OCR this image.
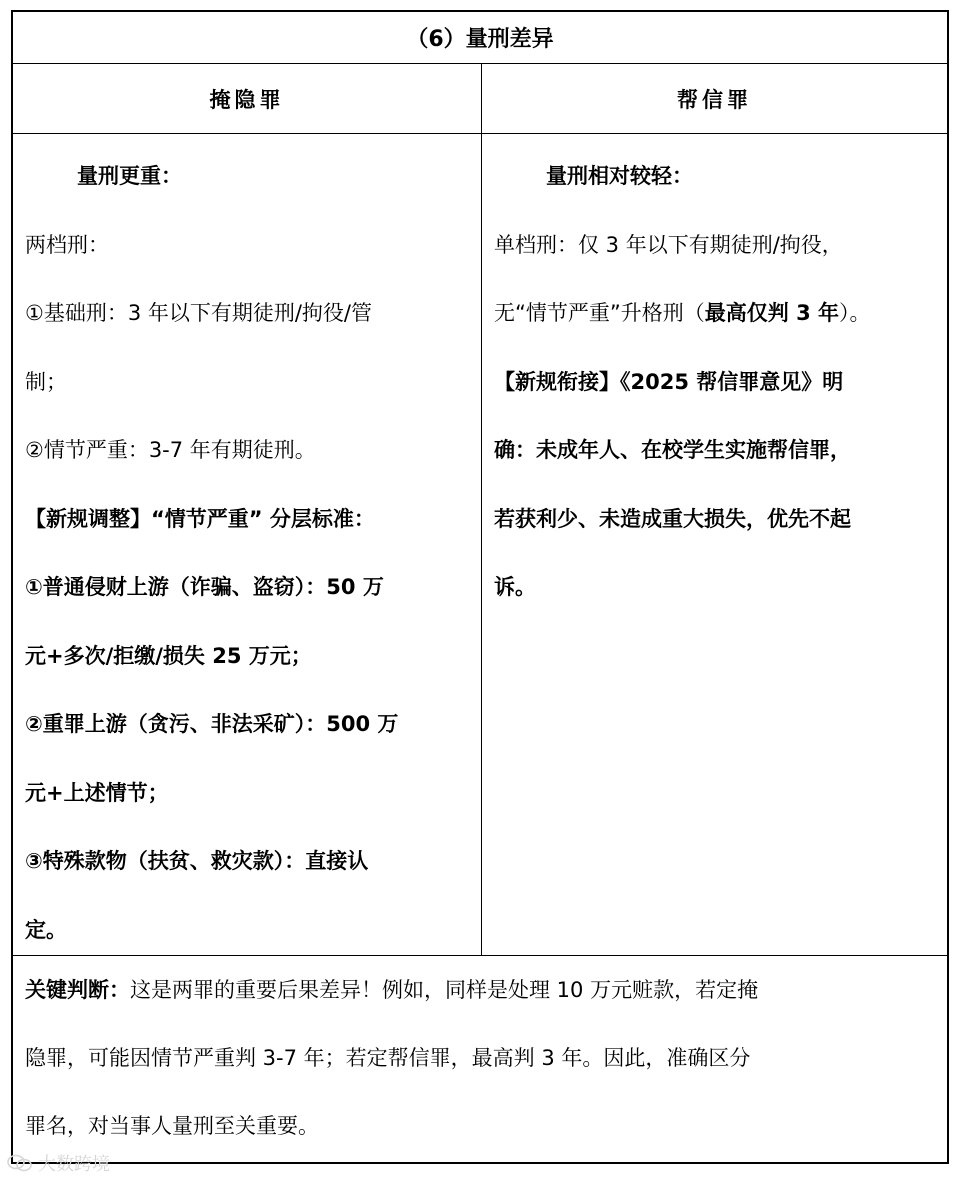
（6）量刑差异
掩隐罪	帮信罪
量刑更重：
两档刑：
①基础刑：3 年以下有期徒刑/拘役/管
制；
②情节严重：3-7 年有期徒刑。
【新规调整】“情节严重” 分层标准：
①普通侵财上游（诈骗、盗窃）：50 万
元+多次/拒缴/损失 25 万元；
②重罪上游（贪污、非法采矿）：500 万
元+上述情节；
③特殊款物（扶贫、救灾款）：直接认
定。
量刑相对较轻：
单档刑：仅 3 年以下有期徒刑/拘役，
无“情节严重”升格刑（最高仅判 3 年）。
【新规衔接】《2025 帮信罪意见》明
确：未成年人、在校学生实施帮信罪，
若获利少、未造成重大损失，优先不起
诉。
关键判断：这是两罪的重要后果差异！例如，同样是处理 10 万元赃款，若定掩
隐罪，可能因情节严重判 3-7 年；若定帮信罪，最高判 3 年。因此，准确区分
罪名，对当事人量刑至关重要。
大数跨境
